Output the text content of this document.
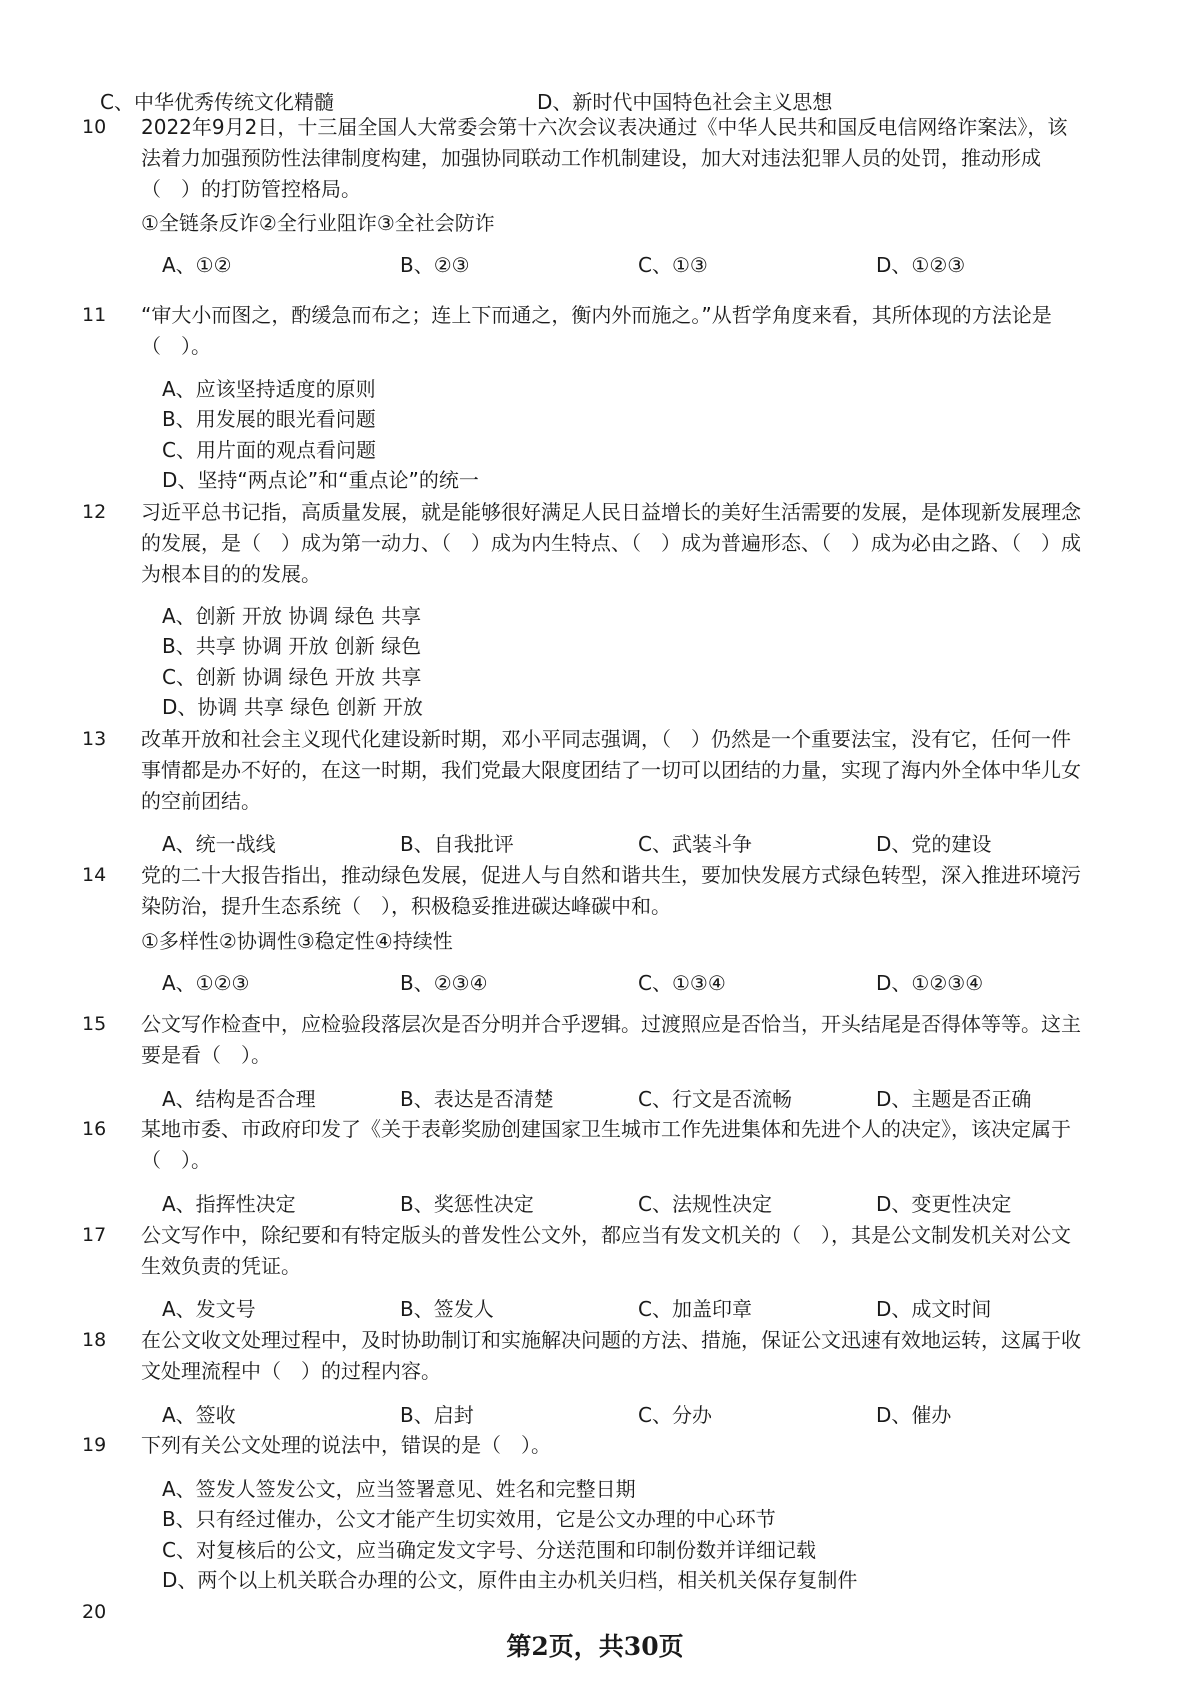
C、中华优秀传统文化精髓	D、新时代中国特色社会主义思想
10 2022年9月2日，十三届全国人大常委会第十六次会议表决通过《中华人民共和国反电信网络诈案法》，该法着力加强预防性法律制度构建，加强协同联动工作机制建设，加大对违法犯罪人员的处罚，推动形成（　）的打防管控格局。

①全链条反诈②全行业阻诈③全社会防诈
A、①②	B、②③	C、①③	D、①②③
11 “审大小而图之，酌缓急而布之；连上下而通之，衡内外而施之。”从哲学角度来看，其所体现的方法论是（　）。

A、应该坚持适度的原则
B、用发展的眼光看问题
C、用片面的观点看问题
D、坚持“两点论”和“重点论”的统一
12 习近平总书记指，高质量发展，就是能够很好满足人民日益增长的美好生活需要的发展，是体现新发展理念的发展，是（　）成为第一动力、（　）成为内生特点、（　）成为普遍形态、（　）成为必由之路、（　）成为根本目的的发展。

A、创新 开放 协调 绿色 共享
B、共享 协调 开放 创新 绿色
C、创新 协调 绿色 开放 共享
D、协调 共享 绿色 创新 开放
13 改革开放和社会主义现代化建设新时期，邓小平同志强调，（　）仍然是一个重要法宝，没有它，任何一件事情都是办不好的，在这一时期，我们党最大限度团结了一切可以团结的力量，实现了海内外全体中华儿女的空前团结。

A、统一战线	B、自我批评	C、武装斗争	D、党的建设
14 党的二十大报告指出，推动绿色发展，促进人与自然和谐共生，要加快发展方式绿色转型，深入推进环境污染防治，提升生态系统（　），积极稳妥推进碳达峰碳中和。

①多样性②协调性③稳定性④持续性
A、①②③	B、②③④	C、①③④	D、①②③④
15 公文写作检查中，应检验段落层次是否分明并合乎逻辑。过渡照应是否恰当，开头结尾是否得体等等。这主要是看（　）。

A、结构是否合理	B、表达是否清楚	C、行文是否流畅	D、主题是否正确
16 某地市委、市政府印发了《关于表彰奖励创建国家卫生城市工作先进集体和先进个人的决定》，该决定属于（　）。

A、指挥性决定	B、奖惩性决定	C、法规性决定	D、变更性决定
17 公文写作中，除纪要和有特定版头的普发性公文外，都应当有发文机关的（　），其是公文制发机关对公文生效负责的凭证。

A、发文号	B、签发人	C、加盖印章	D、成文时间
18 在公文收文处理过程中，及时协助制订和实施解决问题的方法、措施，保证公文迅速有效地运转，这属于收文处理流程中（　）的过程内容。

A、签收	B、启封	C、分办	D、催办
19 下列有关公文处理的说法中，错误的是（　）。

A、签发人签发公文，应当签署意见、姓名和完整日期
B、只有经过催办，公文才能产生切实效用，它是公文办理的中心环节
C、对复核后的公文，应当确定发文字号、分送范围和印制份数并详细记载
D、两个以上机关联合办理的公文，原件由主办机关归档，相关机关保存复制件
20
第2页，共30页
